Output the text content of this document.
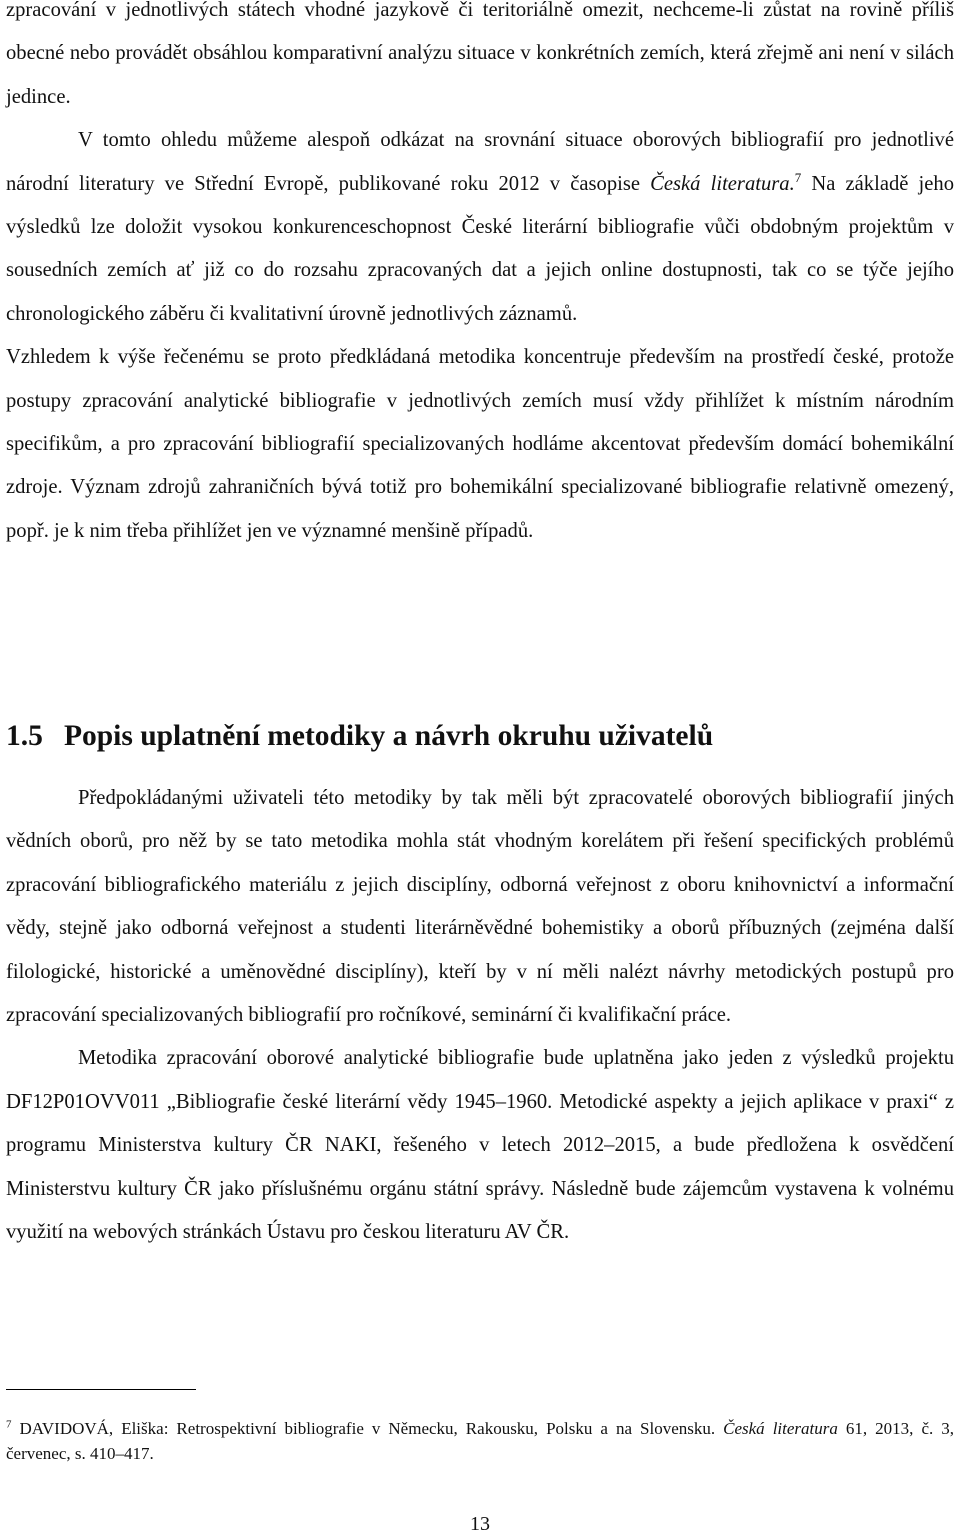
zpracování v jednotlivých státech vhodné jazykově či teritoriálně omezit, nechceme-li zůstat na rovině příliš obecné nebo provádět obsáhlou komparativní analýzu situace v konkrétních zemích, která zřejmě ani není v silách jedince.

V tomto ohledu můžeme alespoň odkázat na srovnání situace oborových bibliografií pro jednotlivé národní literatury ve Střední Evropě, publikované roku 2012 v časopise Česká literatura.$^7$ Na základě jeho výsledků lze doložit vysokou konkurenceschopnost České literární bibliografie vůči obdobným projektům v sousedních zemích ať již co do rozsahu zpracovaných dat a jejich online dostupnosti, tak co se týče jejího chronologického záběru či kvalitativní úrovně jednotlivých záznamů.

Vzhledem k výše řečenému se proto předkládaná metodika koncentruje především na prostředí české, protože postupy zpracování analytické bibliografie v jednotlivých zemích musí vždy přihlížet k místním národním specifikům, a pro zpracování bibliografií specializovaných hodláme akcentovat především domácí bohemikální zdroje. Význam zdrojů zahraničních bývá totiž pro bohemikální specializované bibliografie relativně omezený, popř. je k nim třeba přihlížet jen ve významné menšině případů.

1.5 Popis uplatnění metodiky a návrh okruhu uživatelů

Předpokládanými uživateli této metodiky by tak měli být zpracovatelé oborových bibliografií jiných vědních oborů, pro něž by se tato metodika mohla stát vhodným korelátem při řešení specifických problémů zpracování bibliografického materiálu z jejich disciplíny, odborná veřejnost z oboru knihovnictví a informační vědy, stejně jako odborná veřejnost a studenti literárněvědné bohemistiky a oborů příbuzných (zejména další filologické, historické a uměnovědné disciplíny), kteří by v ní měli nalézt návrhy metodických postupů pro zpracování specializovaných bibliografií pro ročníkové, seminární či kvalifikační práce.

Metodika zpracování oborové analytické bibliografie bude uplatněna jako jeden z výsledků projektu DF12P01OVV011 „Bibliografie české literární vědy 1945–1960. Metodické aspekty a jejich aplikace v praxi“ z programu Ministerstva kultury ČR NAKI, řešeného v letech 2012–2015, a bude předložena k osvědčení Ministerstvu kultury ČR jako příslušnému orgánu státní správy. Následně bude zájemcům vystavena k volnému využití na webových stránkách Ústavu pro českou literaturu AV ČR.

$^7$ DAVIDOVÁ, Eliška: Retrospektivní bibliografie v Německu, Rakousku, Polsku a na Slovensku. Česká literatura 61, 2013, č. 3, červenec, s. 410–417.

13
